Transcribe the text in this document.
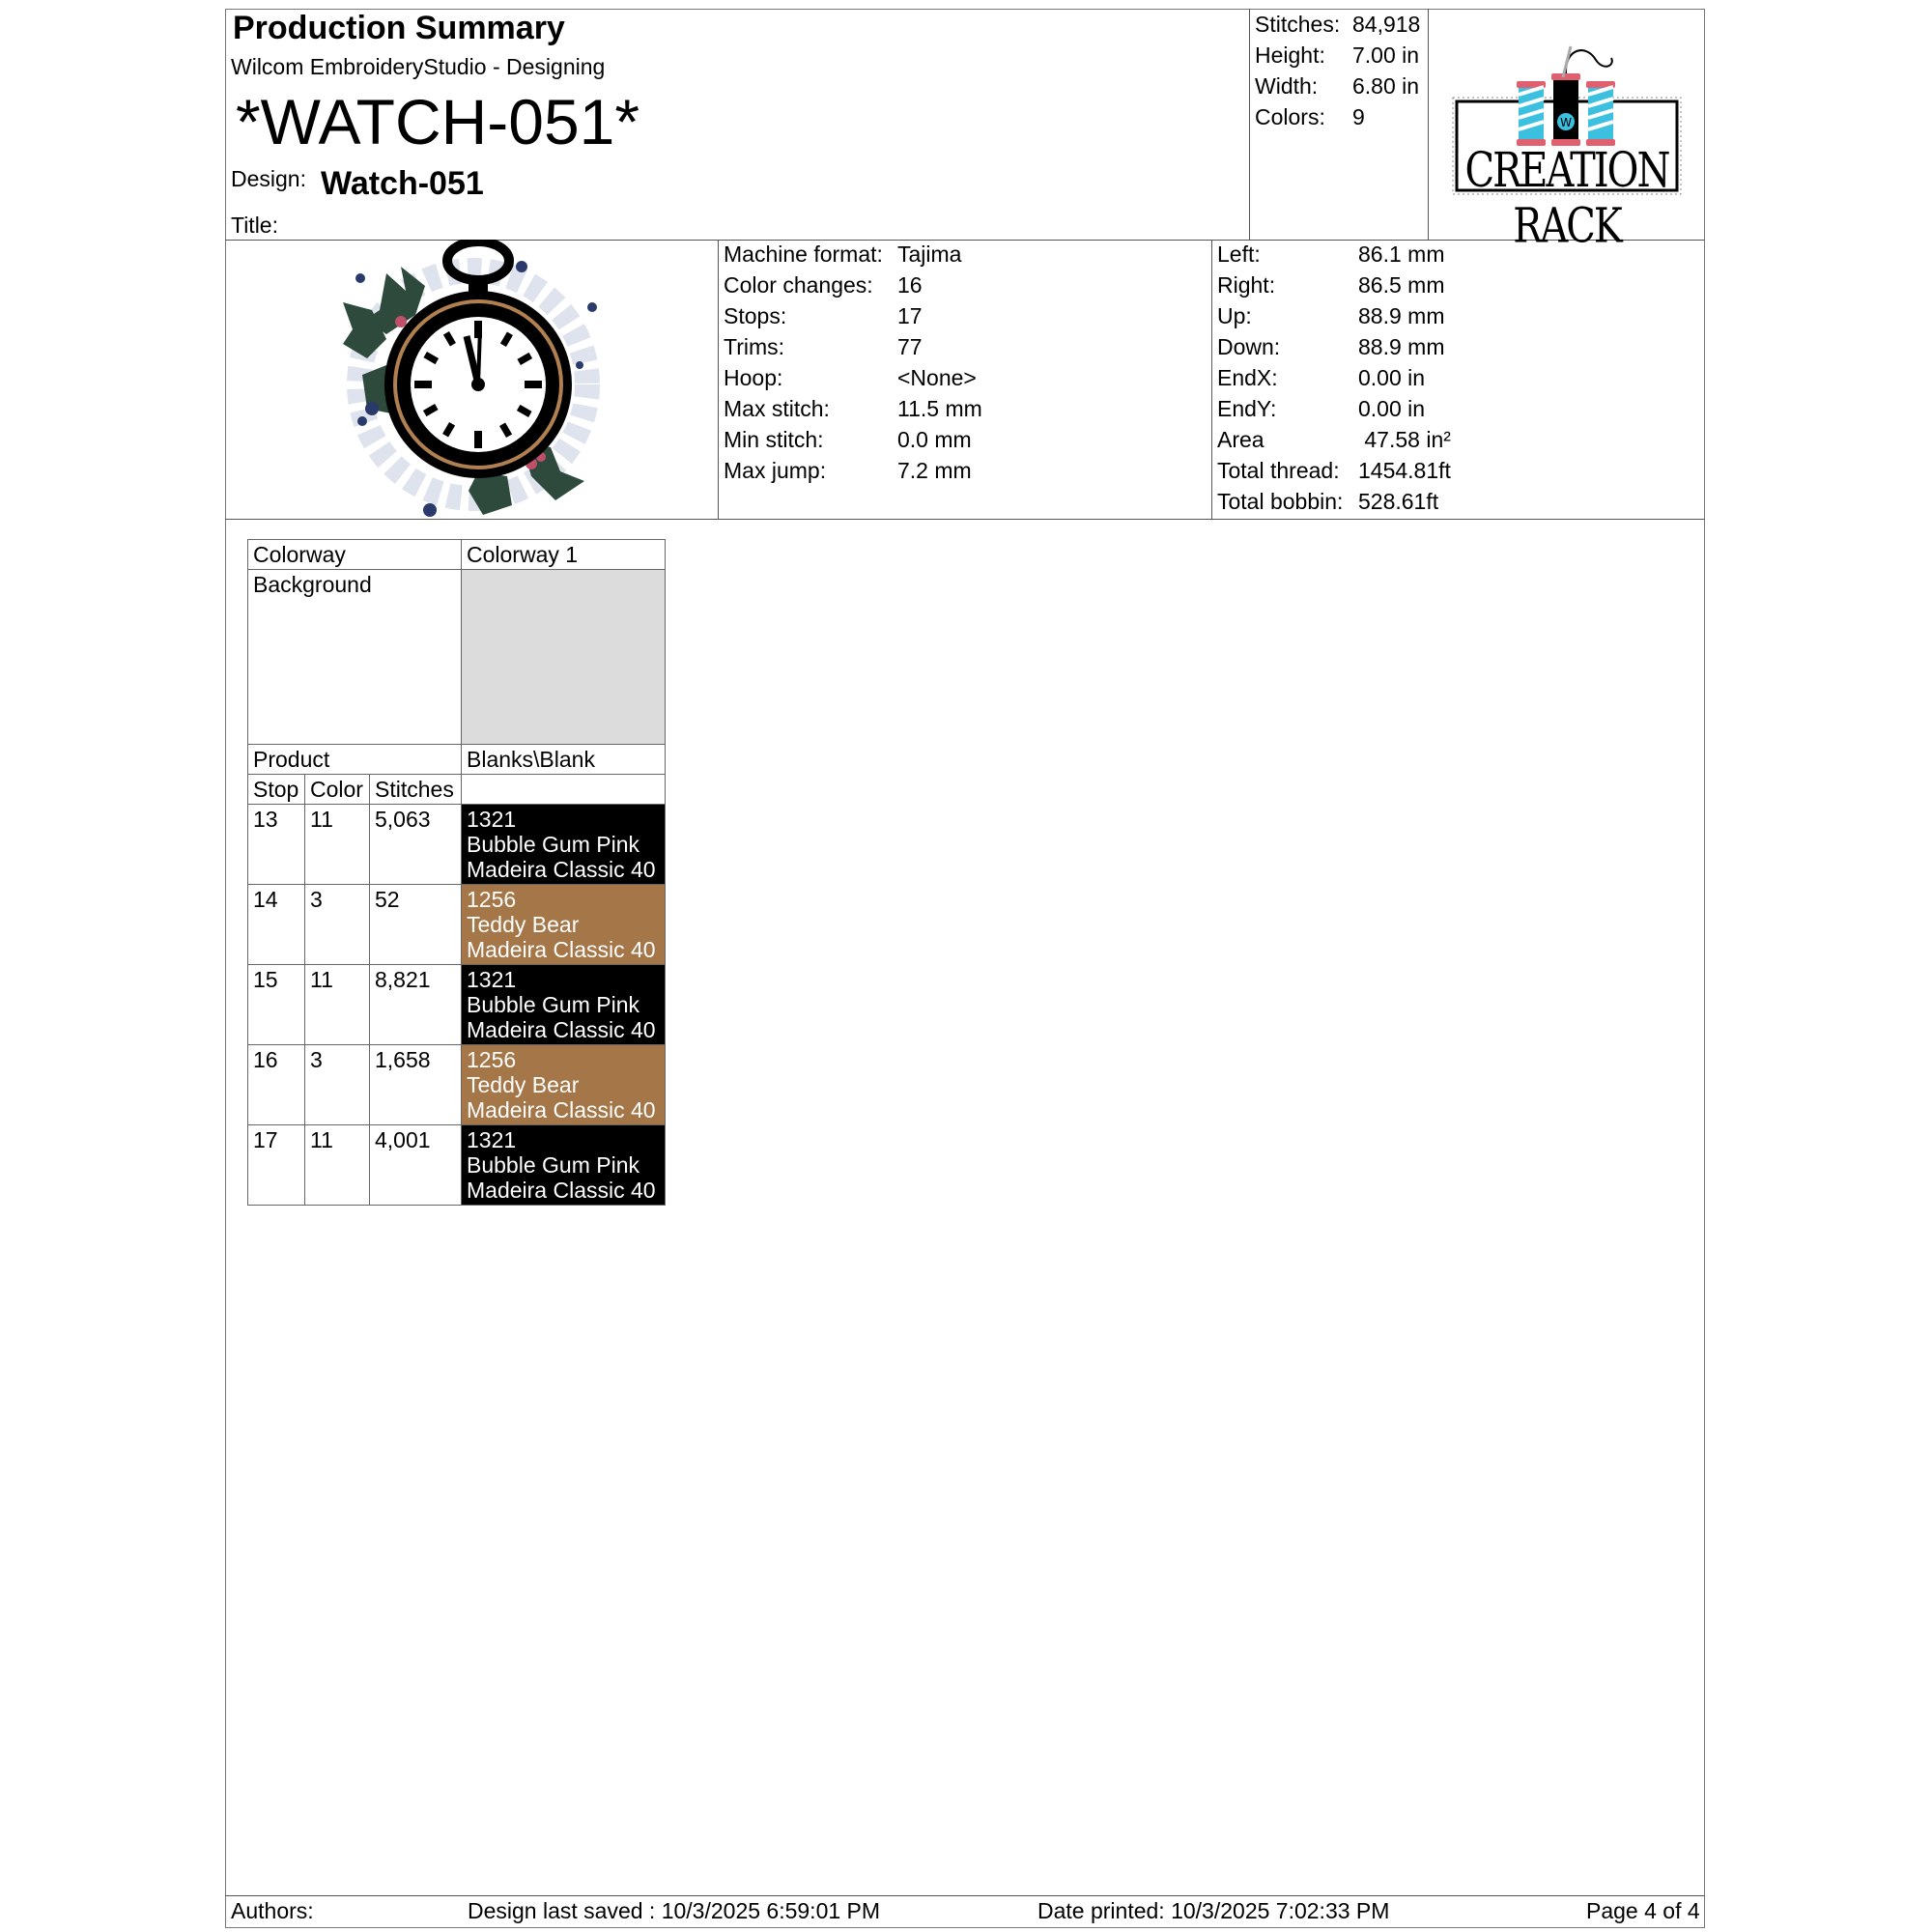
Production Summary
Wilcom EmbroideryStudio - Designing
*WATCH-051*
Design: Watch-051
Title:
Stitches: 84,918
Height: 7.00 in
Width: 6.80 in
Colors: 9	W
CREATION RACK
Machine format: Tajima
Color changes: 16
Stops:	17
Trims:	77
Hoop:	<None>
Max stitch:	11.5 mm
Min stitch:	0.0 mm
Max jump:	7.2 mm
Left:	86.1 mm
Right:	86.5 mm
Up:	88.9 mm
Down:	88.9 mm
EndX:	0.00 in
EndY:	0.00 in
Area	47.58 in²
Total thread: 1454.81ft
Total bobbin: 528.61ft
Colorway			Colorway 1
Background			
Product			Blanks\Blank
Stop	Color	Stitches	
13	11	5,063	1321
Bubble Gum Pink
Madeira Classic 40

14	3	52	1256
Teddy Bear
Madeira Classic 40

15	11	8,821	1321
Bubble Gum Pink
Madeira Classic 40

16	3	1,658	1256
Teddy Bear
Madeira Classic 40

17	11	4,001	1321
Bubble Gum Pink
Madeira Classic 40
Authors:	Design last saved : 10/3/2025 6:59:01 PM	Date printed: 10/3/2025 7:02:33 PM	Page 4 of 4
